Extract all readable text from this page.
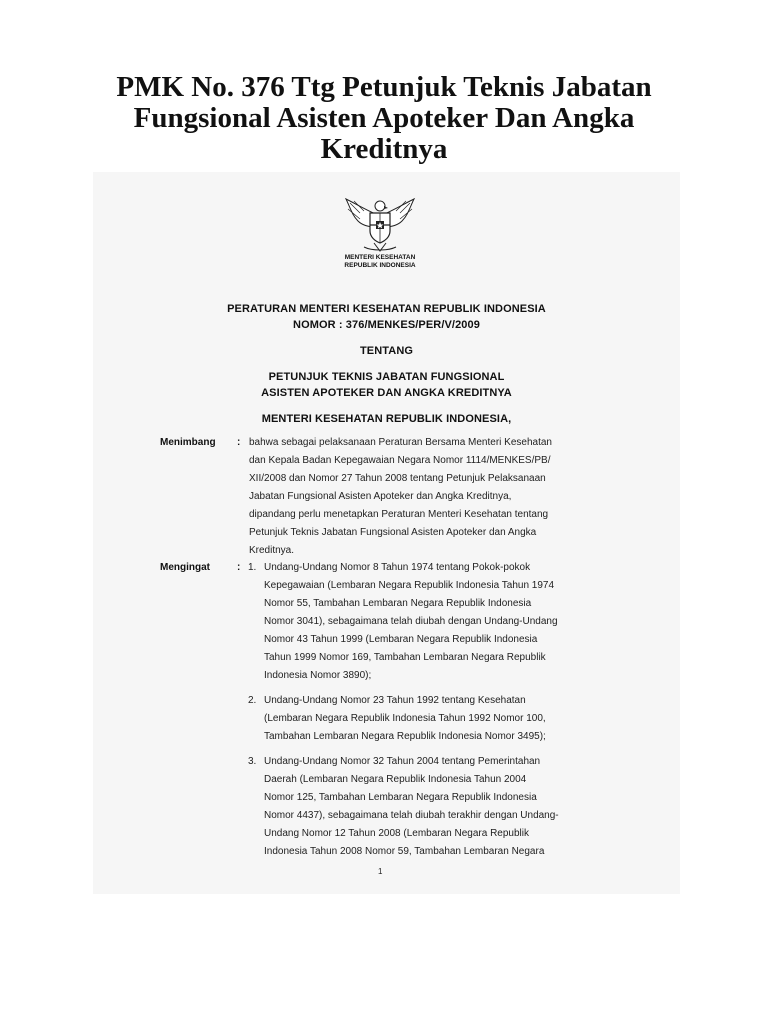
PMK No. 376 Ttg Petunjuk Teknis Jabatan
Fungsional Asisten Apoteker Dan Angka
Kreditnya
MENTERI KESEHATAN
REPUBLIK INDONESIA
PERATURAN MENTERI KESEHATAN REPUBLIK INDONESIA
NOMOR : 376/MENKES/PER/V/2009
TENTANG
PETUNJUK TEKNIS JABATAN FUNGSIONAL
ASISTEN APOTEKER DAN ANGKA KREDITNYA
MENTERI KESEHATAN REPUBLIK INDONESIA,
Menimbang : bahwa sebagai pelaksanaan Peraturan Bersama Menteri Kesehatan
dan Kepala Badan Kepegawaian Negara Nomor 1114/MENKES/PB/
XII/2008 dan Nomor 27 Tahun 2008 tentang Petunjuk Pelaksanaan
Jabatan Fungsional Asisten Apoteker dan Angka Kreditnya,
dipandang perlu menetapkan Peraturan Menteri Kesehatan tentang
Petunjuk Teknis Jabatan Fungsional Asisten Apoteker dan Angka
Kreditnya.
Mengingat	: 1. Undang-Undang Nomor 8 Tahun 1974 tentang Pokok-pokok
Kepegawaian (Lembaran Negara Republik Indonesia Tahun 1974
Nomor 55, Tambahan Lembaran Negara Republik Indonesia
Nomor 3041), sebagaimana telah diubah dengan Undang-Undang
Nomor 43 Tahun 1999 (Lembaran Negara Republik Indonesia
Tahun 1999 Nomor 169, Tambahan Lembaran Negara Republik
Indonesia Nomor 3890);
2. Undang-Undang Nomor 23 Tahun 1992 tentang Kesehatan
(Lembaran Negara Republik Indonesia Tahun 1992 Nomor 100,
Tambahan Lembaran Negara Republik Indonesia Nomor 3495);
3. Undang-Undang Nomor 32 Tahun 2004 tentang Pemerintahan
Daerah (Lembaran Negara Republik Indonesia Tahun 2004
Nomor 125, Tambahan Lembaran Negara Republik Indonesia
Nomor 4437), sebagaimana telah diubah terakhir dengan Undang-
Undang Nomor 12 Tahun 2008 (Lembaran Negara Republik
Indonesia Tahun 2008 Nomor 59, Tambahan Lembaran Negara
1
